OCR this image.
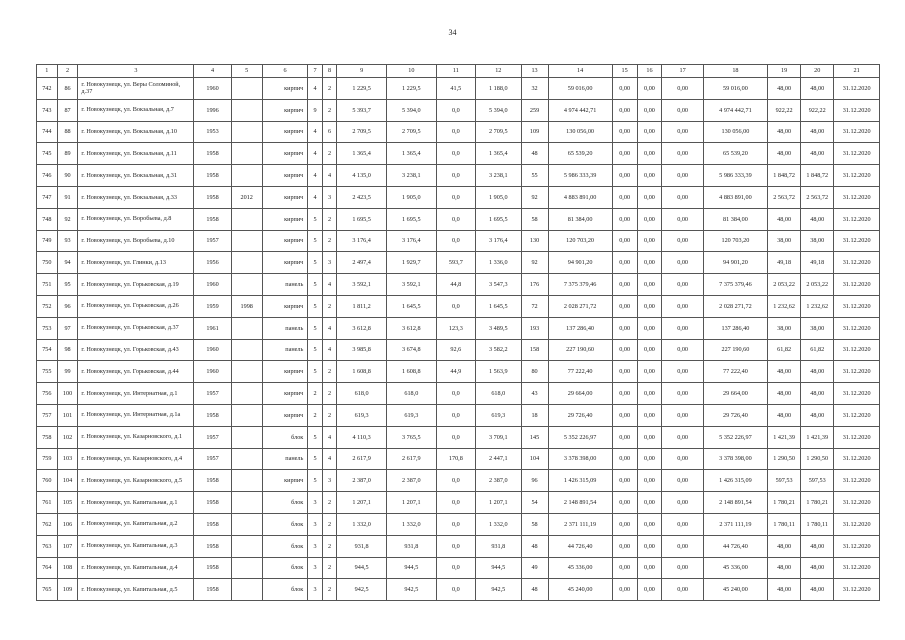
34
1	2	3	4	5	6	7	8	9	10	11	12	13	14	15	16	17	18	19	20	21
742	86	г. Новокузнецк, ул. Веры Соломиной, д.37	1960		кирпич	4	2	1 229,5	1 229,5	41,5	1 188,0	32	59 016,00	0,00	0,00	0,00	59 016,00	48,00	48,00	31.12.2020
743	87	г. Новокузнецк, ул. Вокзальная, д.7	1996		кирпич	9	2	5 393,7	5 394,0	0,0	5 394,0	259	4 974 442,71	0,00	0,00	0,00	4 974 442,71	922,22	922,22	31.12.2020
744	88	г. Новокузнецк, ул. Вокзальная, д.10	1953		кирпич	4	6	2 709,5	2 709,5	0,0	2 709,5	109	130 056,00	0,00	0,00	0,00	130 056,00	48,00	48,00	31.12.2020
745	89	г. Новокузнецк, ул. Вокзальная, д.11	1958		кирпич	4	2	1 365,4	1 365,4	0,0	1 365,4	48	65 539,20	0,00	0,00	0,00	65 539,20	48,00	48,00	31.12.2020
746	90	г. Новокузнецк, ул. Вокзальная, д.31	1958		кирпич	4	4	4 135,0	3 238,1	0,0	3 238,1	55	5 986 333,39	0,00	0,00	0,00	5 986 333,39	1 848,72	1 848,72	31.12.2020
747	91	г. Новокузнецк, ул. Вокзальная, д.33	1958	2012	кирпич	4	3	2 423,5	1 905,0	0,0	1 905,0	92	4 883 891,00	0,00	0,00	0,00	4 883 891,00	2 563,72	2 563,72	31.12.2020
748	92	г. Новокузнецк, ул. Воробьева, д.8	1958		кирпич	5	2	1 695,5	1 695,5	0,0	1 695,5	58	81 384,00	0,00	0,00	0,00	81 384,00	48,00	48,00	31.12.2020
749	93	г. Новокузнецк, ул. Воробьева, д.10	1957		кирпич	5	2	3 176,4	3 176,4	0,0	3 176,4	130	120 703,20	0,00	0,00	0,00	120 703,20	38,00	38,00	31.12.2020
750	94	г. Новокузнецк, ул. Глинки, д.13	1956		кирпич	5	3	2 497,4	1 929,7	593,7	1 336,0	92	94 901,20	0,00	0,00	0,00	94 901,20	49,18	49,18	31.12.2020
751	95	г. Новокузнецк, ул. Горьковская, д.19	1960		панель	5	4	3 592,1	3 592,1	44,8	3 547,3	176	7 375 379,46	0,00	0,00	0,00	7 375 379,46	2 053,22	2 053,22	31.12.2020
752	96	г. Новокузнецк, ул. Горьковская, д.26	1959	1998	кирпич	5	2	1 811,2	1 645,5	0,0	1 645,5	72	2 028 271,72	0,00	0,00	0,00	2 028 271,72	1 232,62	1 232,62	31.12.2020
753	97	г. Новокузнецк, ул. Горьковская, д.37	1961		панель	5	4	3 612,8	3 612,8	123,3	3 489,5	193	137 286,40	0,00	0,00	0,00	137 286,40	38,00	38,00	31.12.2020
754	98	г. Новокузнецк, ул. Горьковская, д.43	1960		панель	5	4	3 985,8	3 674,8	92,6	3 582,2	158	227 190,60	0,00	0,00	0,00	227 190,60	61,82	61,82	31.12.2020
755	99	г. Новокузнецк, ул. Горьковская, д.44	1960		кирпич	5	2	1 608,8	1 608,8	44,9	1 563,9	80	77 222,40	0,00	0,00	0,00	77 222,40	48,00	48,00	31.12.2020
756	100	г. Новокузнецк, ул. Интернатная, д.1	1957		кирпич	2	2	618,0	618,0	0,0	618,0	43	29 664,00	0,00	0,00	0,00	29 664,00	48,00	48,00	31.12.2020
757	101	г. Новокузнецк, ул. Интернатная, д.1а	1958		кирпич	2	2	619,3	619,3	0,0	619,3	18	29 726,40	0,00	0,00	0,00	29 726,40	48,00	48,00	31.12.2020
758	102	г. Новокузнецк, ул. Казарновского, д.1	1957		блок	5	4	4 110,3	3 765,5	0,0	3 709,1	145	5 352 226,97	0,00	0,00	0,00	5 352 226,97	1 421,39	1 421,39	31.12.2020
759	103	г. Новокузнецк, ул. Казарновского, д.4	1957		панель	5	4	2 617,9	2 617,9	170,8	2 447,1	104	3 378 398,00	0,00	0,00	0,00	3 378 398,00	1 290,50	1 290,50	31.12.2020
760	104	г. Новокузнецк, ул. Казарновского, д.5	1958		кирпич	5	3	2 387,0	2 387,0	0,0	2 387,0	96	1 426 315,09	0,00	0,00	0,00	1 426 315,09	597,53	597,53	31.12.2020
761	105	г. Новокузнецк, ул. Капитальная, д.1	1958		блок	3	2	1 207,1	1 207,1	0,0	1 207,1	54	2 148 891,54	0,00	0,00	0,00	2 148 891,54	1 780,21	1 780,21	31.12.2020
762	106	г. Новокузнецк, ул. Капитальная, д.2	1958		блок	3	2	1 332,0	1 332,0	0,0	1 332,0	58	2 371 111,19	0,00	0,00	0,00	2 371 111,19	1 780,11	1 780,11	31.12.2020
763	107	г. Новокузнецк, ул. Капитальная, д.3	1958		блок	3	2	931,8	931,8	0,0	931,8	48	44 726,40	0,00	0,00	0,00	44 726,40	48,00	48,00	31.12.2020
764	108	г. Новокузнецк, ул. Капитальная, д.4	1958		блок	3	2	944,5	944,5	0,0	944,5	49	45 336,00	0,00	0,00	0,00	45 336,00	48,00	48,00	31.12.2020
765	109	г. Новокузнецк, ул. Капитальная, д.5	1958		блок	3	2	942,5	942,5	0,0	942,5	48	45 240,00	0,00	0,00	0,00	45 240,00	48,00	48,00	31.12.2020
